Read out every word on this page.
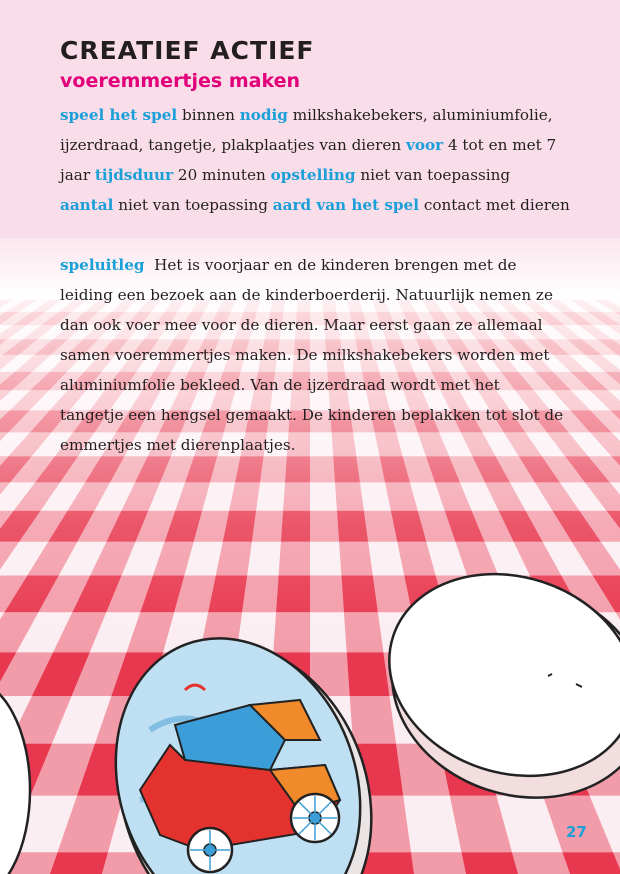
CREATIEF ACTIEF
voeremmertjes maken

speel het spel binnen nodig milkshakebekers, aluminiumfolie, ijzerdraad, tangetje, plakplaatjes van dieren voor 4 tot en met 7 jaar tijdsduur 20 minuten opstelling niet van toepassing
aantal niet van toepassing aard van het spel contact met dieren

speluitleg Het is voorjaar en de kinderen brengen met de leiding een bezoek aan de kinderboerderij. Natuurlijk nemen ze dan ook voer mee voor de dieren. Maar eerst gaan ze allemaal samen voeremmertjes maken. De milkshakebekers worden met aluminiumfolie bekleed. Van de ijzerdraad wordt met het tangetje een hengsel gemaakt. De kinderen beplakken tot slot de emmertjes met dierenplaatjes.

27
